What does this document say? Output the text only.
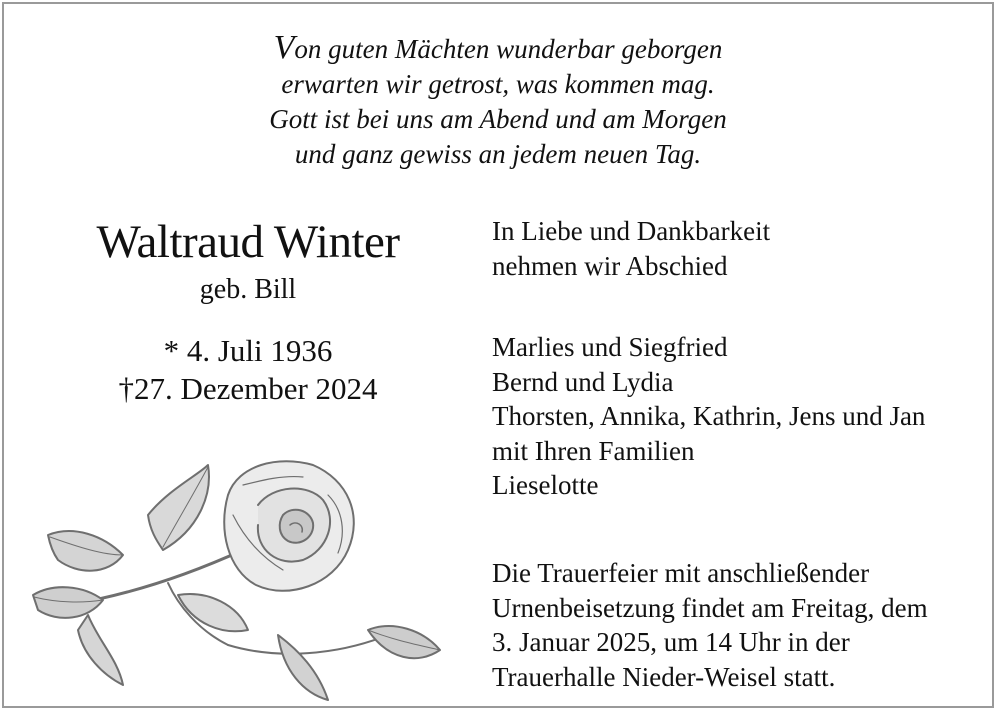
Von guten Mächten wunderbar geborgen
erwarten wir getrost, was kommen mag.
Gott ist bei uns am Abend und am Morgen
und ganz gewiss an jedem neuen Tag.
Waltraud Winter
geb. Bill
* 4. Juli 1936
†27. Dezember 2024
In Liebe und Dankbarkeit
nehmen wir Abschied
Marlies und Siegfried
Bernd und Lydia
Thorsten, Annika, Kathrin, Jens und Jan
mit Ihren Familien
Lieselotte
Die Trauerfeier mit anschließender
Urnenbeisetzung findet am Freitag, dem
3. Januar 2025, um 14 Uhr in der
Trauerhalle Nieder-Weisel statt.
